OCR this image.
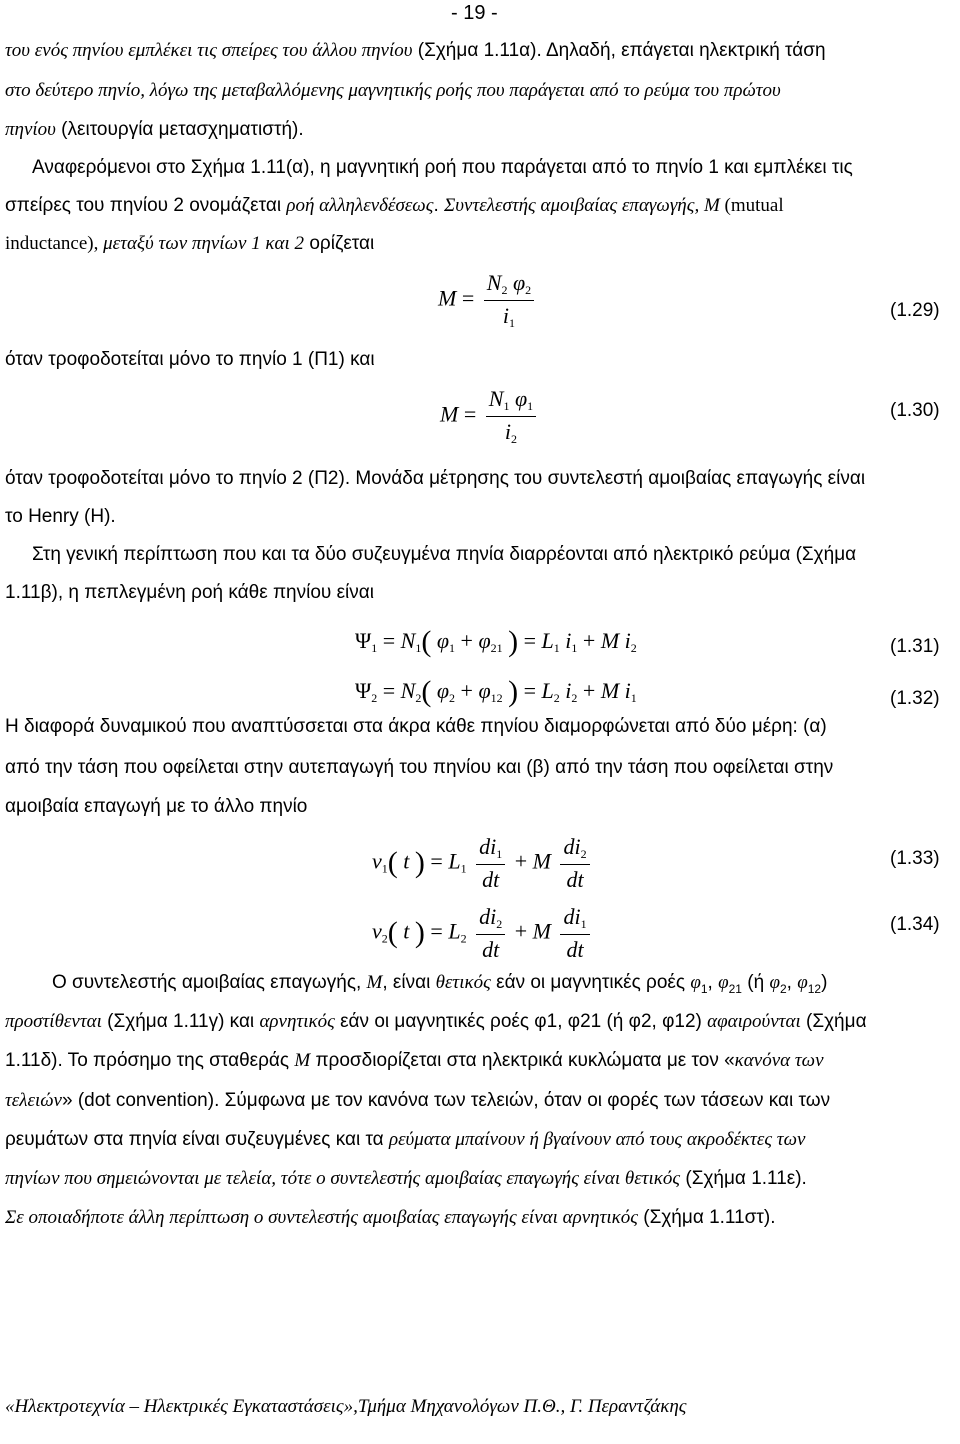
- 19 -
του ενός πηνίου εμπλέκει τις σπείρες του άλλου πηνίου (Σχήμα 1.11α). Δηλαδή, επάγεται ηλεκτρική τάση
στο δεύτερο πηνίο, λόγω της μεταβαλλόμενης μαγνητικής ροής που παράγεται από το ρεύμα του πρώτου
πηνίου (λειτουργία μετασχηματιστή).
Αναφερόμενοι στο Σχήμα 1.11(α), η μαγνητική ροή που παράγεται από το πηνίο 1 και εμπλέκει τις
σπείρες του πηνίου 2 ονομάζεται ροή αλληλενδέσεως. Συντελεστής αμοιβαίας επαγωγής, M (mutual
inductance), μεταξύ των πηνίων 1 και 2 ορίζεται
$M = \frac{N_2 \varphi_2}{i_1}$	(1.29)
όταν τροφοδοτείται μόνο το πηνίο 1 (Π1) και
$M = \frac{N_1 \varphi_1}{i_2}$	(1.30)
όταν τροφοδοτείται μόνο το πηνίο 2 (Π2). Μονάδα μέτρησης του συντελεστή αμοιβαίας επαγωγής είναι
το Henry (H).
Στη γενική περίπτωση που και τα δύο συζευγμένα πηνία διαρρέονται από ηλεκτρικό ρεύμα (Σχήμα
1.11β), η πεπλεγμένη ροή κάθε πηνίου είναι
$\Psi_1 = N_1$( $\varphi_1 + \varphi_{21}$ ) = $L_1$ $i_1 + M$ $i_2$	(1.31)
$\Psi_2 = N_2$( $\varphi_2 + \varphi_{12}$ ) = $L_2$ $i_2 + M$ $i_1$	(1.32)
Η διαφορά δυναμικού που αναπτύσσεται στα άκρα κάθε πηνίου διαμορφώνεται από δύο μέρη: (α)
από την τάση που οφείλεται στην αυτεπαγωγή του πηνίου και (β) από την τάση που οφείλεται στην
αμοιβαία επαγωγή με το άλλο πηνίο
$v_1$( t ) = $L_1 \frac{di_1}{dt} + M \frac{di_2}{dt}$	(1.33)
$v_2$( t ) = $L_2 \frac{di_2}{dt} + M \frac{di_1}{dt}$	(1.34)
Ο συντελεστής αμοιβαίας επαγωγής, M, είναι θετικός εάν οι μαγνητικές ροές $\varphi_1$, $\varphi_{21}$ (ή $\varphi_2$, $\varphi_{12}$)
προστίθενται (Σχήμα 1.11γ) και αρνητικός εάν οι μαγνητικές ροές φ1, φ21 (ή φ2, φ12) αφαιρούνται (Σχήμα
1.11δ). Το πρόσημο της σταθεράς M προσδιορίζεται στα ηλεκτρικά κυκλώματα με τον «κανόνα των
τελειών» (dot convention). Σύμφωνα με τον κανόνα των τελειών, όταν οι φορές των τάσεων και των
ρευμάτων στα πηνία είναι συζευγμένες και τα ρεύματα μπαίνουν ή βγαίνουν από τους ακροδέκτες των
πηνίων που σημειώνονται με τελεία, τότε ο συντελεστής αμοιβαίας επαγωγής είναι θετικός (Σχήμα 1.11ε).
Σε οποιαδήποτε άλλη περίπτωση ο συντελεστής αμοιβαίας επαγωγής είναι αρνητικός (Σχήμα 1.11στ).
«Ηλεκτροτεχνία – Ηλεκτρικές Εγκαταστάσεις»,Τμήμα Μηχανολόγων Π.Θ., Γ. Περαντζάκης
